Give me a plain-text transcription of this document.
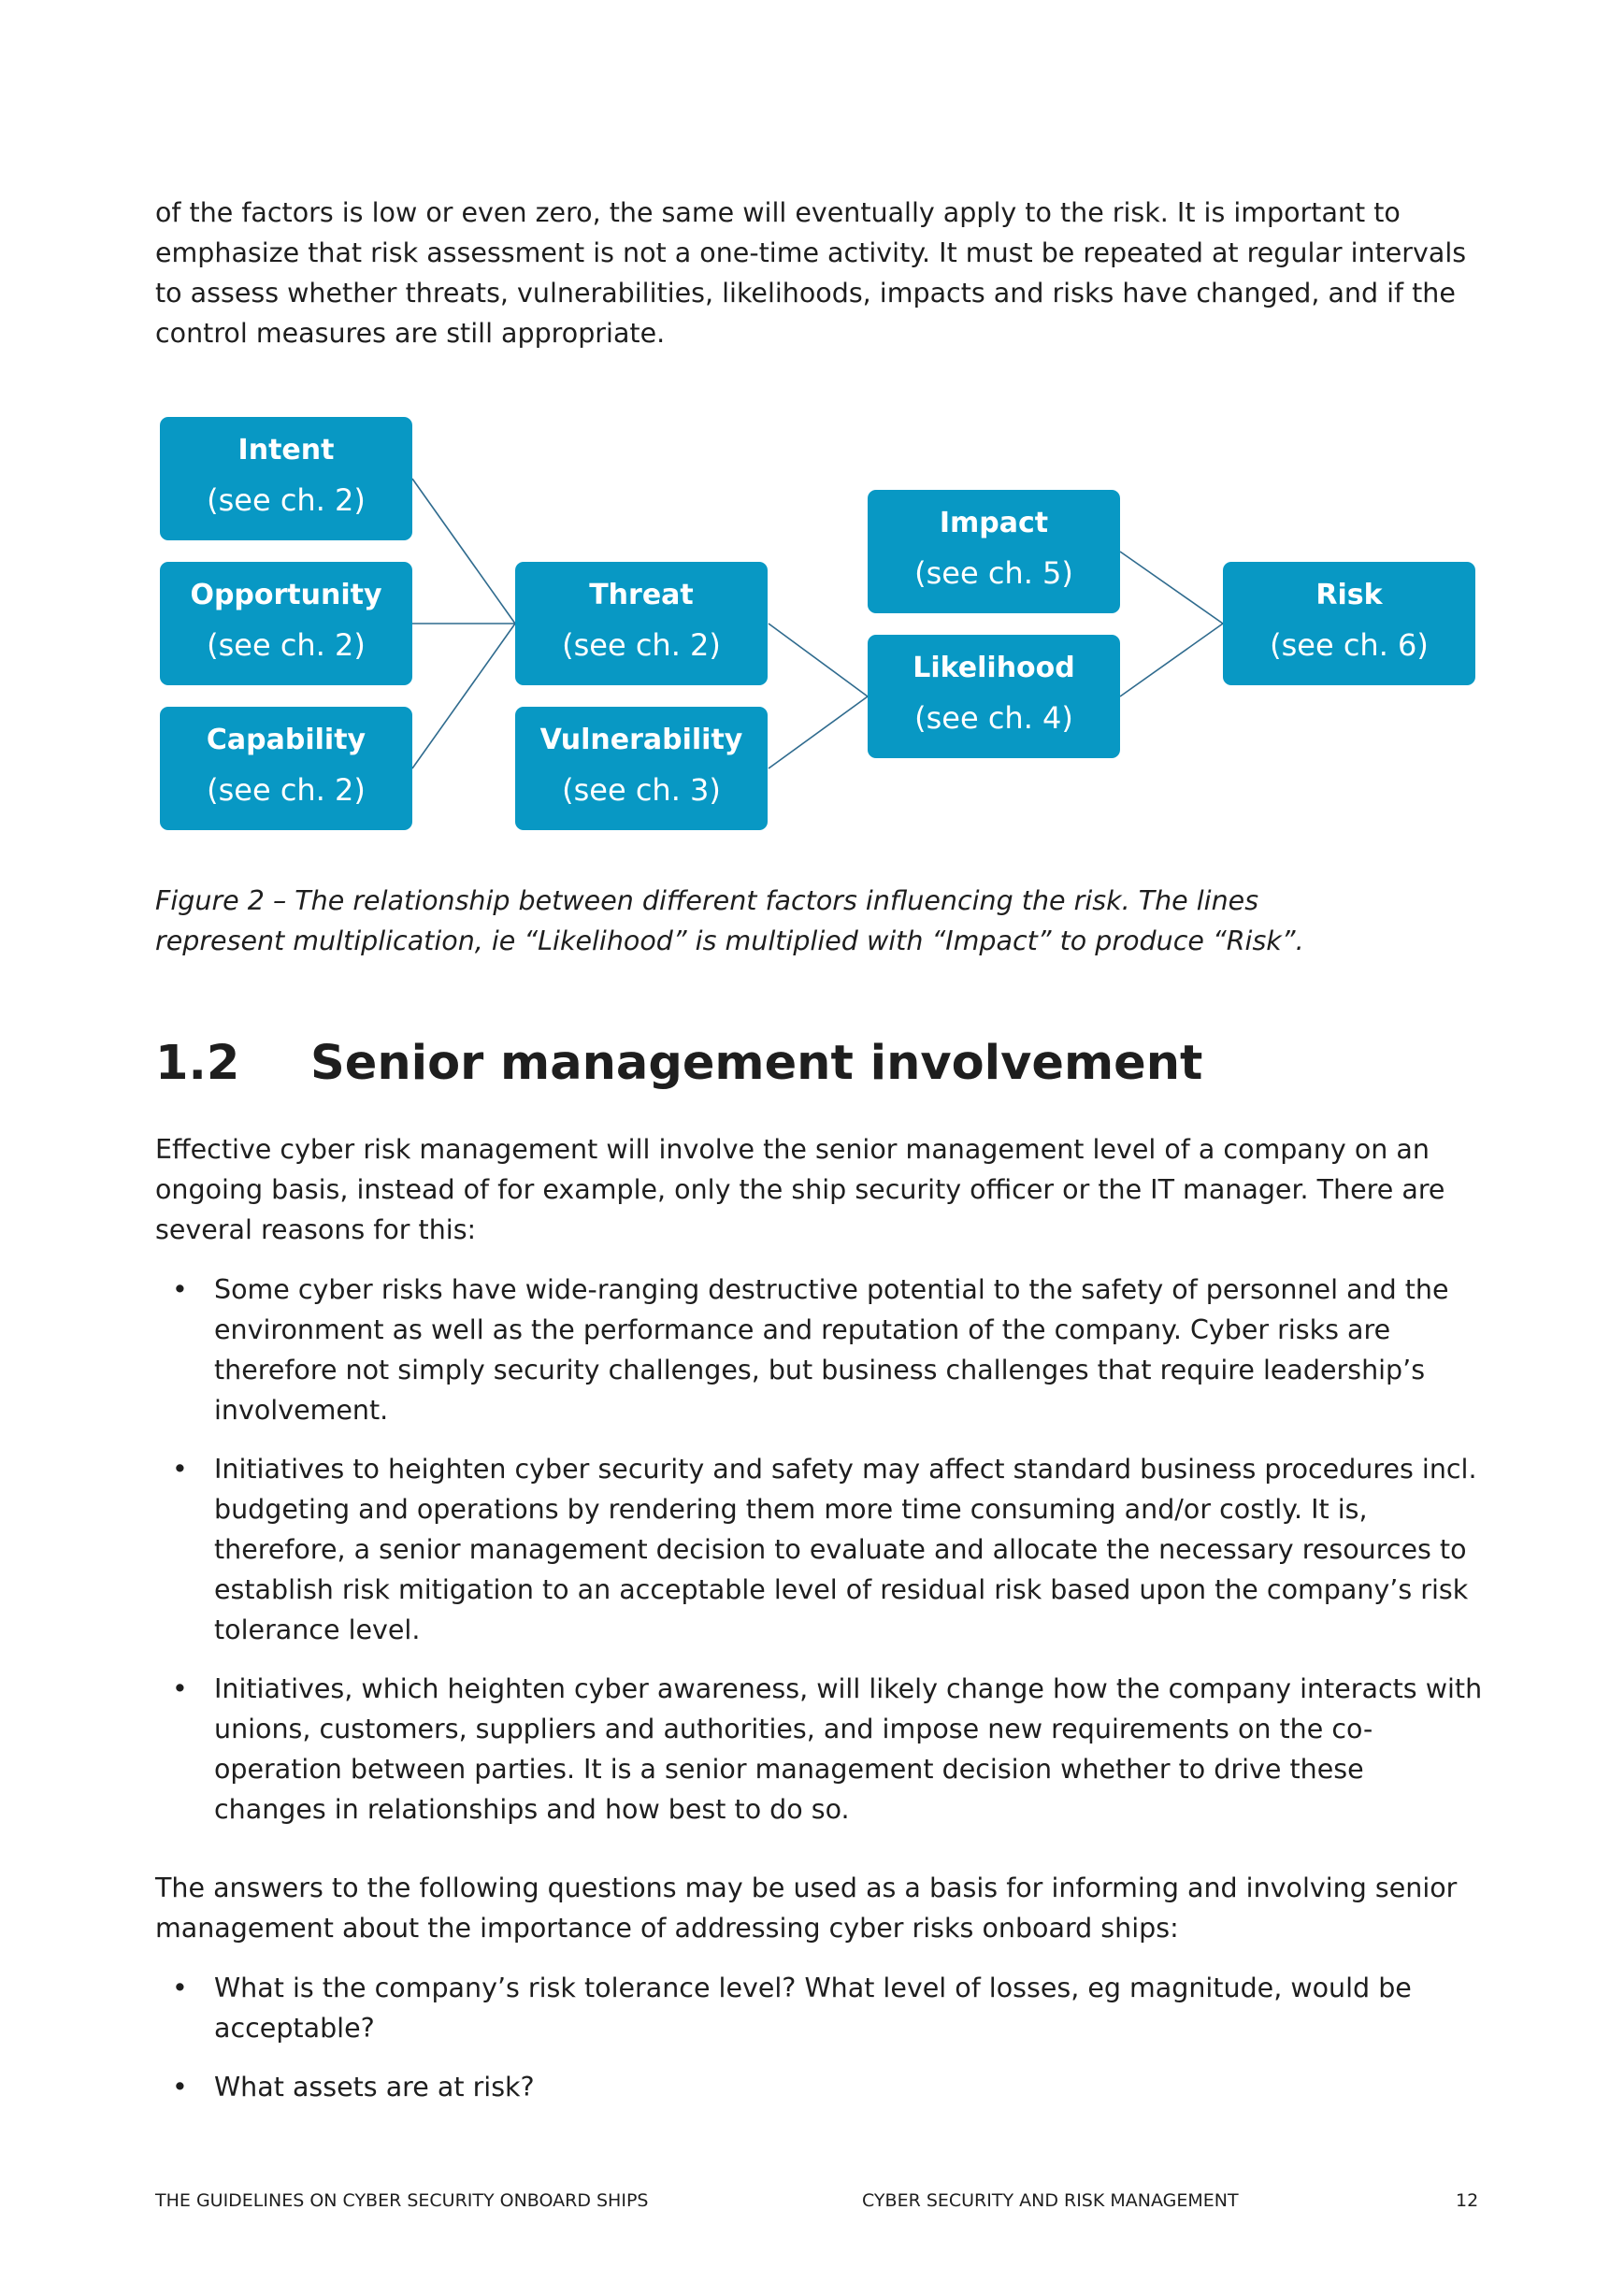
of the factors is low or even zero, the same will eventually apply to the risk. It is important to emphasize that risk assessment is not a one-time activity. It must be repeated at regular intervals to assess whether threats, vulnerabilities, likelihoods, impacts and risks have changed, and if the control measures are still appropriate.

Intent
(see ch. 2)
Opportunity
(see ch. 2)
Capability
(see ch. 2)
Threat
(see ch. 2)
Vulnerability
(see ch. 3)
Impact
(see ch. 5)
Likelihood
(see ch. 4)
Risk
(see ch. 6)

Figure 2 – The relationship between different factors influencing the risk. The lines represent multiplication, ie “Likelihood” is multiplied with “Impact” to produce “Risk”.

1.2 Senior management involvement

Effective cyber risk management will involve the senior management level of a company on an ongoing basis, instead of for example, only the ship security officer or the IT manager. There are several reasons for this:

• Some cyber risks have wide-ranging destructive potential to the safety of personnel and the environment as well as the performance and reputation of the company. Cyber risks are therefore not simply security challenges, but business challenges that require leadership’s involvement.
• Initiatives to heighten cyber security and safety may affect standard business procedures incl. budgeting and operations by rendering them more time consuming and/or costly. It is, therefore, a senior management decision to evaluate and allocate the necessary resources to establish risk mitigation to an acceptable level of residual risk based upon the company’s risk tolerance level.
• Initiatives, which heighten cyber awareness, will likely change how the company interacts with unions, customers, suppliers and authorities, and impose new requirements on the co-operation between parties. It is a senior management decision whether to drive these changes in relationships and how best to do so.

The answers to the following questions may be used as a basis for informing and involving senior management about the importance of addressing cyber risks onboard ships:

• What is the company’s risk tolerance level? What level of losses, eg magnitude, would be acceptable?
• What assets are at risk?
THE GUIDELINES ON CYBER SECURITY ONBOARD SHIPS	CYBER SECURITY AND RISK MANAGEMENT	12
